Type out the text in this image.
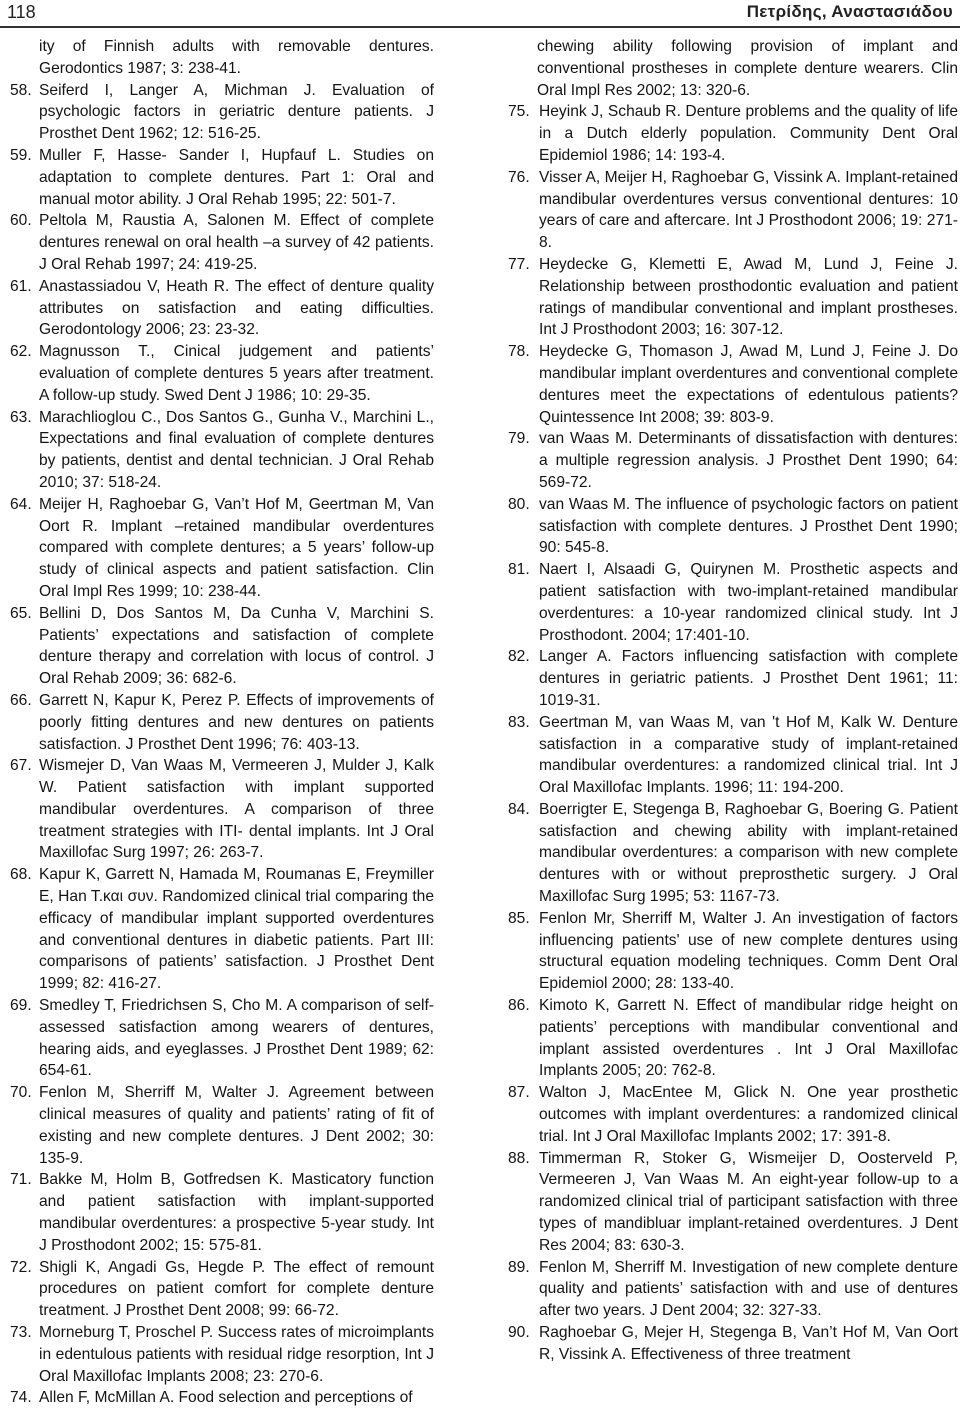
118	Πετρίδης, Αναστασιάδου

ity of Finnish adults with removable dentures. Gerodontics 1987; 3: 238-41.

58. Seiferd I, Langer A, Michman J. Evaluation of psychologic factors in geriatric denture patients. J Prosthet Dent 1962; 12: 516-25.

59. Muller F, Hasse- Sander I, Hupfauf L. Studies on adaptation to complete dentures. Part 1: Oral and manual motor ability. J Oral Rehab 1995; 22: 501-7.

60. Peltola M, Raustia A, Salonen M. Effect of complete dentures renewal on oral health –a survey of 42 patients. J Oral Rehab 1997; 24: 419-25.

61. Anastassiadou V, Heath R. The effect of denture quality attributes on satisfaction and eating difficulties. Gerodontology 2006; 23: 23-32.

62. Magnusson T., Cinical judgement and patients’ evaluation of complete dentures 5 years after treatment. A follow-up study. Swed Dent J 1986; 10: 29-35.

63. Marachlioglou C., Dos Santos G., Gunha V., Marchini L., Expectations and final evaluation of complete dentures by patients, dentist and dental technician. J Oral Rehab 2010; 37: 518-24.

64. Meijer H, Raghoebar G, Van’t Hof M, Geertman M, Van Oort R. Implant –retained mandibular overdentures compared with complete dentures; a 5 years’ follow-up study of clinical aspects and patient satisfaction. Clin Oral Impl Res 1999; 10: 238-44.

65. Bellini D, Dos Santos M, Da Cunha V, Marchini S. Patients’ expectations and satisfaction of complete denture therapy and correlation with locus of control. J Oral Rehab 2009; 36: 682-6.

66. Garrett N, Kapur K, Perez P. Effects of improvements of poorly fitting dentures and new dentures on patients satisfaction. J Prosthet Dent 1996; 76: 403-13.

67. Wismejer D, Van Waas M, Vermeeren J, Mulder J, Kalk W. Patient satisfaction with implant supported mandibular overdentures. A comparison of three treatment strategies with ITI- dental implants. Int J Oral Maxillofac Surg 1997; 26: 263-7.

68. Kapur K, Garrett N, Hamada M, Roumanas E, Freymiller E, Han T.και συν. Randomized clinical trial comparing the efficacy of mandibular implant supported overdentures and conventional dentures in diabetic patients. Part III: comparisons of patients’ satisfaction. J Prosthet Dent 1999; 82: 416-27.

69. Smedley T, Friedrichsen S, Cho M. A comparison of self-assessed satisfaction among wearers of dentures, hearing aids, and eyeglasses. J Prosthet Dent 1989; 62: 654-61.

70. Fenlon M, Sherriff M, Walter J. Agreement between clinical measures of quality and patients’ rating of fit of existing and new complete dentures. J Dent 2002; 30: 135-9.

71. Bakke M, Holm B, Gotfredsen K. Masticatory function and patient satisfaction with implant-supported mandibular overdentures: a prospective 5-year study. Int J Prosthodont 2002; 15: 575-81.

72. Shigli K, Angadi Gs, Hegde P. The effect of remount procedures on patient comfort for complete denture treatment. J Prosthet Dent 2008; 99: 66-72.

73. Morneburg T, Proschel P. Success rates of microimplants in edentulous patients with residual ridge resorption, Int J Oral Maxillofac Implants 2008; 23: 270-6.

74. Allen F, McMillan A. Food selection and perceptions of

chewing ability following provision of implant and conventional prostheses in complete denture wearers. Clin Oral Impl Res 2002; 13: 320-6.

75. Heyink J, Schaub R. Denture problems and the quality of life in a Dutch elderly population. Community Dent Oral Epidemiol 1986; 14: 193-4.

76. Visser A, Meijer H, Raghoebar G, Vissink A. Implant-retained mandibular overdentures versus conventional dentures: 10 years of care and aftercare. Int J Prosthodont 2006; 19: 271-8.

77. Heydecke G, Klemetti E, Awad M, Lund J, Feine J. Relationship between prosthodontic evaluation and patient ratings of mandibular conventional and implant prostheses. Int J Prosthodont 2003; 16: 307-12.

78. Heydecke G, Thomason J, Awad M, Lund J, Feine J. Do mandibular implant overdentures and conventional complete dentures meet the expectations of edentulous patients? Quintessence Int 2008; 39: 803-9.

79. van Waas M. Determinants of dissatisfaction with dentures: a multiple regression analysis. J Prosthet Dent 1990; 64: 569-72.

80. van Waas M. The influence of psychologic factors on patient satisfaction with complete dentures. J Prosthet Dent 1990; 90: 545-8.

81. Naert I, Alsaadi G, Quirynen M. Prosthetic aspects and patient satisfaction with two-implant-retained mandibular overdentures: a 10-year randomized clinical study. Int J Prosthodont. 2004; 17:401-10.

82. Langer A. Factors influencing satisfaction with complete dentures in geriatric patients. J Prosthet Dent 1961; 11: 1019-31.

83. Geertman M, van Waas M, van 't Hof M, Kalk W. Denture satisfaction in a comparative study of implant-retained mandibular overdentures: a randomized clinical trial. Int J Oral Maxillofac Implants. 1996; 11: 194-200.

84. Boerrigter E, Stegenga B, Raghoebar G, Boering G. Patient satisfaction and chewing ability with implant-retained mandibular overdentures: a comparison with new complete dentures with or without preprosthetic surgery. J Oral Maxillofac Surg 1995; 53: 1167-73.

85. Fenlon Mr, Sherriff M, Walter J. An investigation of factors influencing patients' use of new complete dentures using structural equation modeling techniques. Comm Dent Oral Epidemiol 2000; 28: 133-40.

86. Kimoto K, Garrett N. Effect of mandibular ridge height on patients’ perceptions with mandibular conventional and implant assisted overdentures . Int J Oral Maxillofac Implants 2005; 20: 762-8.

87. Walton J, MacEntee M, Glick N. One year prosthetic outcomes with implant overdentures: a randomized clinical trial. Int J Oral Maxillofac Implants 2002; 17: 391-8.

88. Timmerman R, Stoker G, Wismeijer D, Oosterveld P, Vermeeren J, Van Waas M. An eight-year follow-up to a randomized clinical trial of participant satisfaction with three types of mandibluar implant-retained overdentures. J Dent Res 2004; 83: 630-3.

89. Fenlon M, Sherriff M. Investigation of new complete denture quality and patients’ satisfaction with and use of dentures after two years. J Dent 2004; 32: 327-33.

90. Raghoebar G, Mejer H, Stegenga B, Van’t Hof M, Van Oort R, Vissink A. Effectiveness of three treatment
